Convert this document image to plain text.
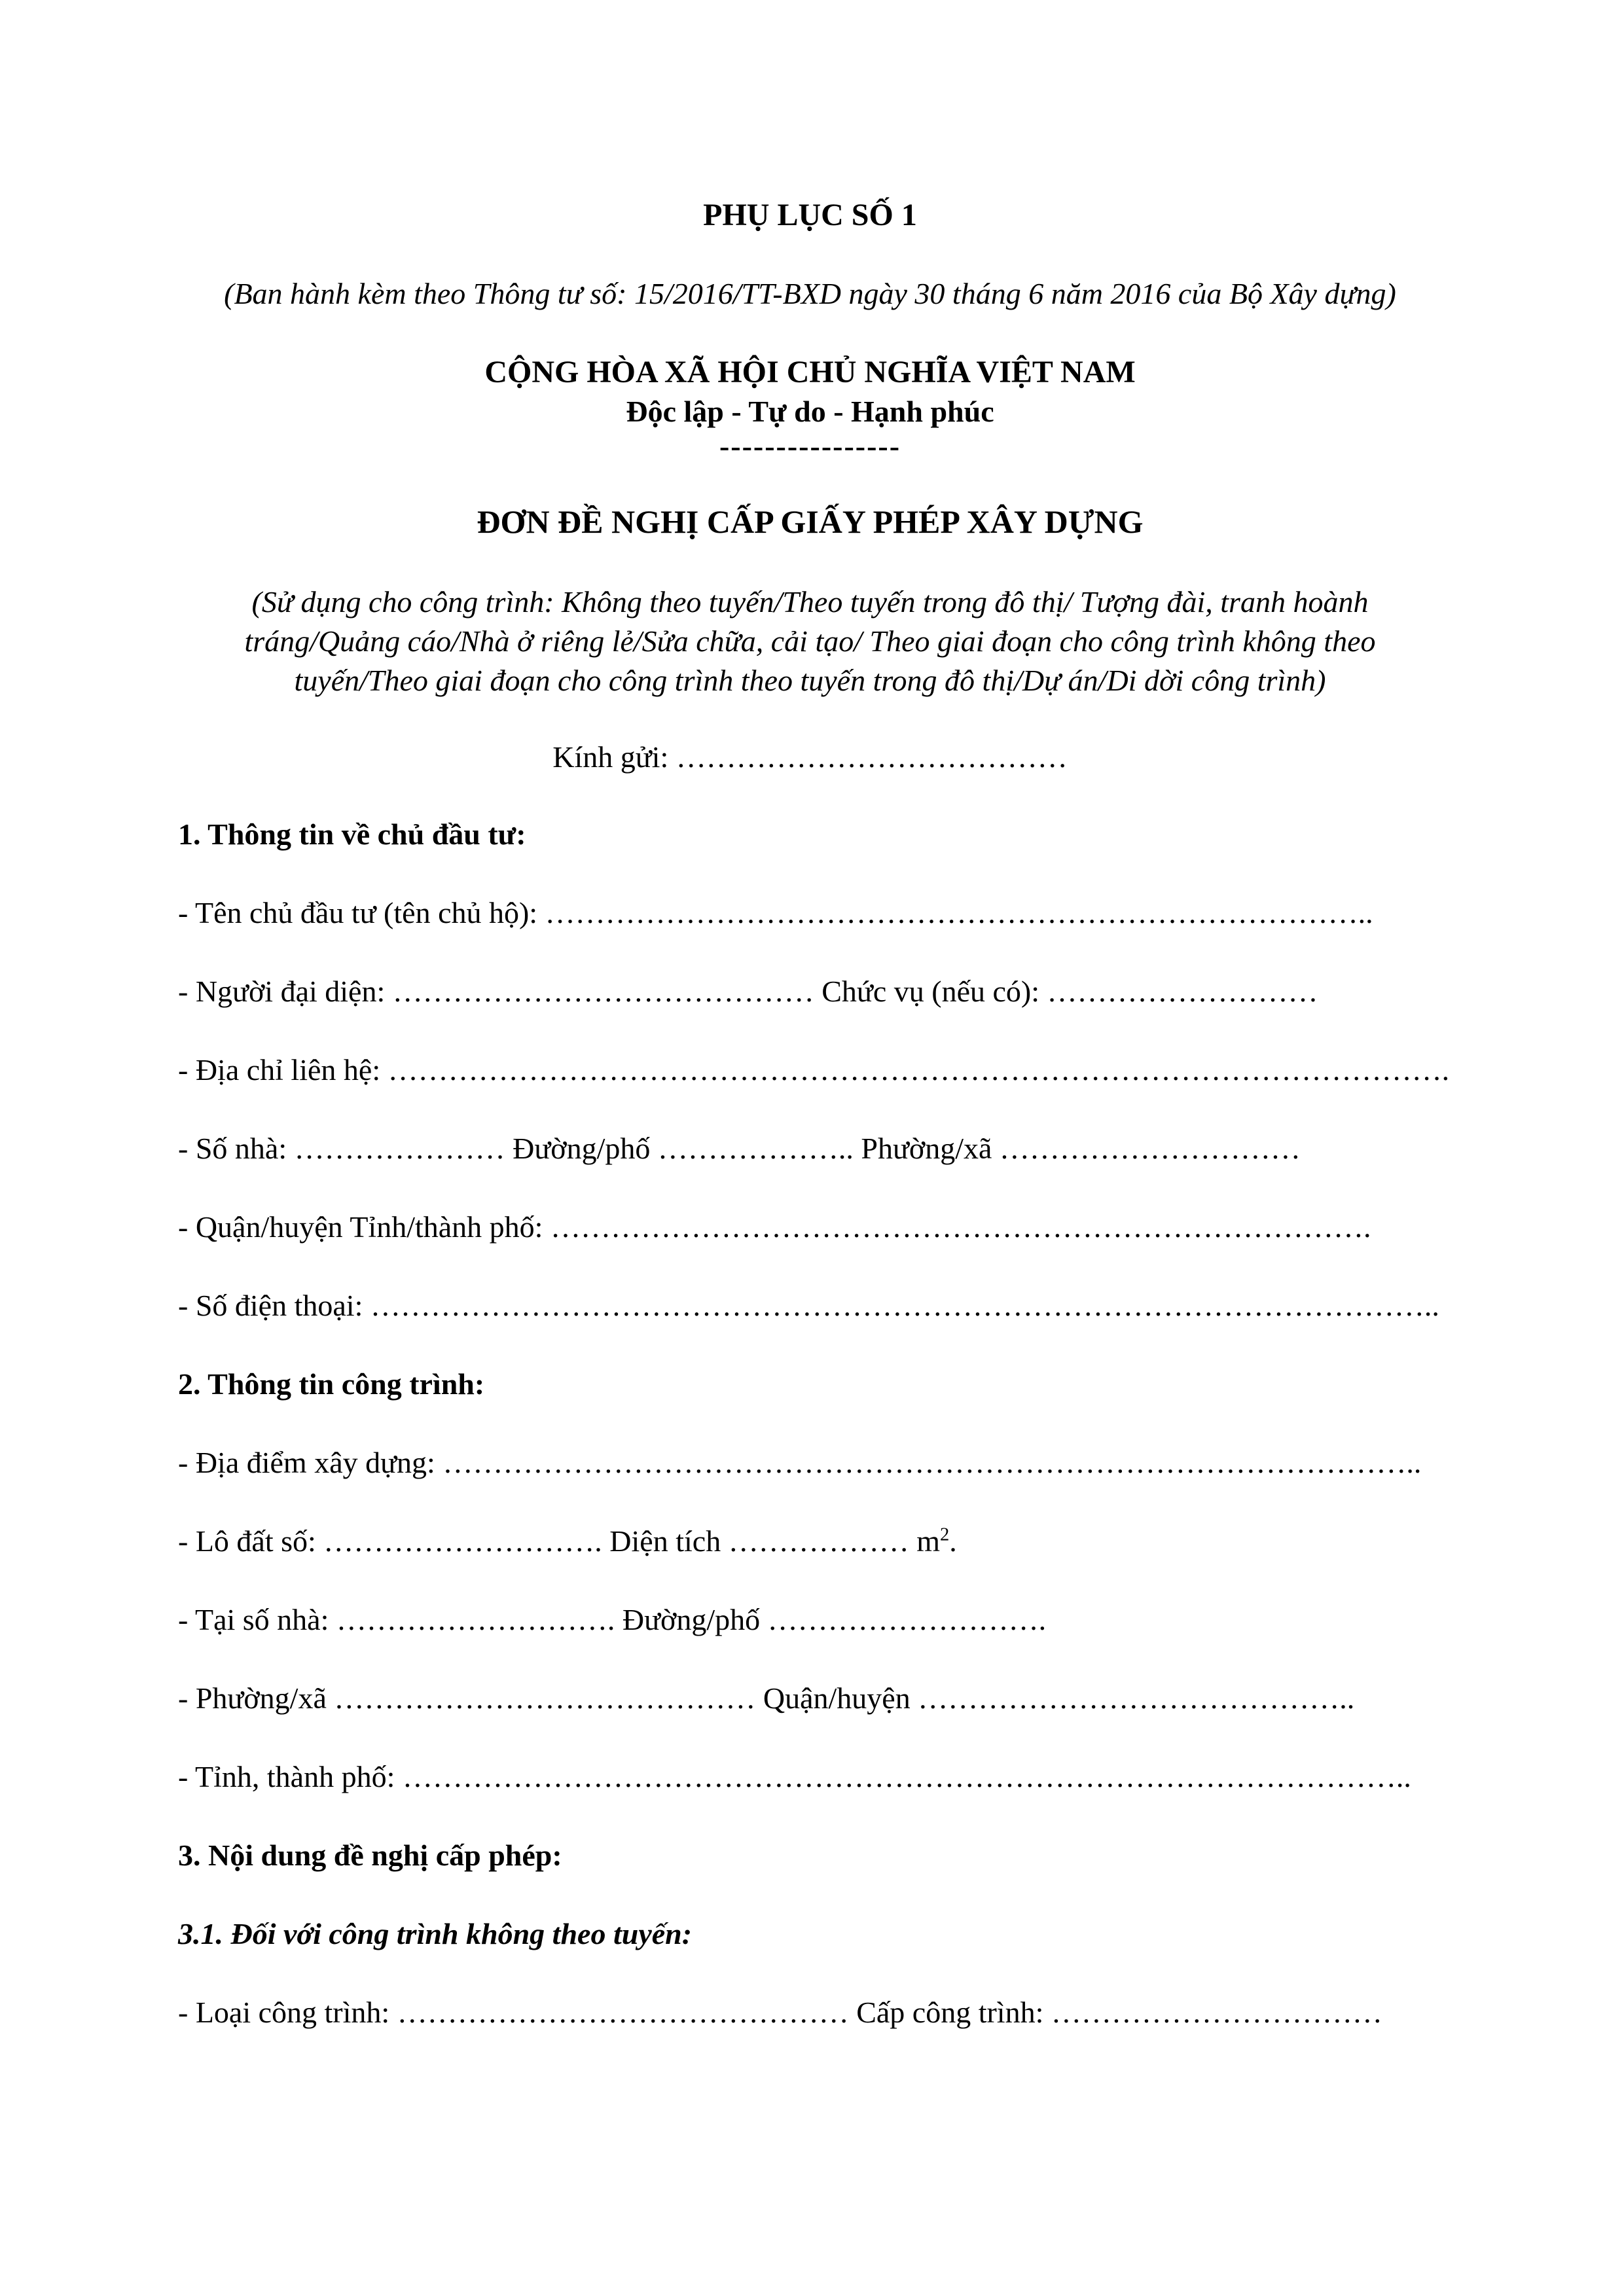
PHỤ LỤC SỐ 1

(Ban hành kèm theo Thông tư số: 15/2016/TT-BXD ngày 30 tháng 6 năm 2016 của Bộ Xây dựng)

CỘNG HÒA XÃ HỘI CHỦ NGHĨA VIỆT NAM

Độc lập - Tự do - Hạnh phúc

----------------

ĐƠN ĐỀ NGHỊ CẤP GIẤY PHÉP XÂY DỰNG

(Sử dụng cho công trình: Không theo tuyến/Theo tuyến trong đô thị/ Tượng đài, tranh hoành tráng/Quảng cáo/Nhà ở riêng lẻ/Sửa chữa, cải tạo/ Theo giai đoạn cho công trình không theo tuyến/Theo giai đoạn cho công trình theo tuyến trong đô thị/Dự án/Di dời công trình)

Kính gửi: …………………………………

1. Thông tin về chủ đầu tư:

- Tên chủ đầu tư (tên chủ hộ): ………………………………………………………………………..

- Người đại diện: …………………………………… Chức vụ (nếu có): ………………………

- Địa chỉ liên hệ: …………………………………………………………………………………………….

- Số nhà: ………………… Đường/phố ……………….. Phường/xã …………………………

- Quận/huyện Tỉnh/thành phố: ……………………………………………………………………….

- Số điện thoại: ……………………………………………………………………………………………..

2. Thông tin công trình:

- Địa điểm xây dựng: ……………………………………………………………………………………..

- Lô đất số: ………………………. Diện tích ……………… $m^2$.

- Tại số nhà: ………………………. Đường/phố ……………………….

- Phường/xã …………………………………… Quận/huyện ……………………………………..

- Tỉnh, thành phố: ………………………………………………………………………………………..

3. Nội dung đề nghị cấp phép:

3.1. Đối với công trình không theo tuyến:

- Loại công trình: ……………………………………… Cấp công trình: ……………………………
